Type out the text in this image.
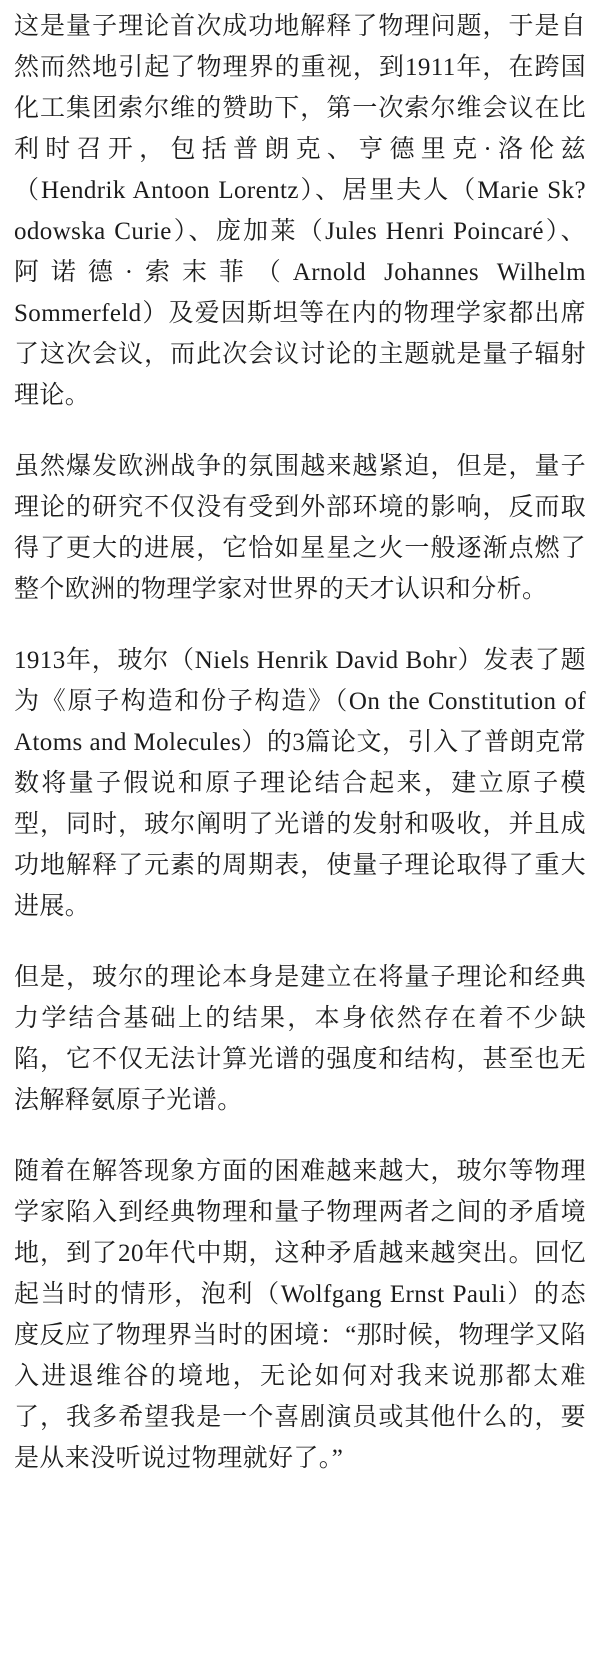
这是量子理论首次成功地解释了物理问题，于是自然而然地引起了物理界的重视，到1911年，在跨国化工集团索尔维的赞助下，第一次索尔维会议在比利时召开，包括普朗克、亨德里克·洛伦兹（Hendrik Antoon Lorentz）、居里夫人（Marie Sk? odowska Curie）、庞加莱（Jules Henri Poincaré）、阿诺德·索末菲（Arnold Johannes Wilhelm Sommerfeld）及爱因斯坦等在内的物理学家都出席了这次会议，而此次会议讨论的主题就是量子辐射理论。

虽然爆发欧洲战争的氛围越来越紧迫，但是，量子理论的研究不仅没有受到外部环境的影响，反而取得了更大的进展，它恰如星星之火一般逐渐点燃了整个欧洲的物理学家对世界的天才认识和分析。

1913年，玻尔（Niels Henrik David Bohr）发表了题为《原子构造和份子构造》（On the Constitution of Atoms and Molecules）的3篇论文，引入了普朗克常数将量子假说和原子理论结合起来，建立原子模型，同时，玻尔阐明了光谱的发射和吸收，并且成功地解释了元素的周期表，使量子理论取得了重大进展。

但是，玻尔的理论本身是建立在将量子理论和经典力学结合基础上的结果，本身依然存在着不少缺陷，它不仅无法计算光谱的强度和结构，甚至也无法解释氨原子光谱。

随着在解答现象方面的困难越来越大，玻尔等物理学家陷入到经典物理和量子物理两者之间的矛盾境地，到了20年代中期，这种矛盾越来越突出。回忆起当时的情形，泡利（Wolfgang Ernst Pauli）的态度反应了物理界当时的困境：“那时候，物理学又陷入进退维谷的境地，无论如何对我来说那都太难了，我多希望我是一个喜剧演员或其他什么的，要是从来没听说过物理就好了。”
